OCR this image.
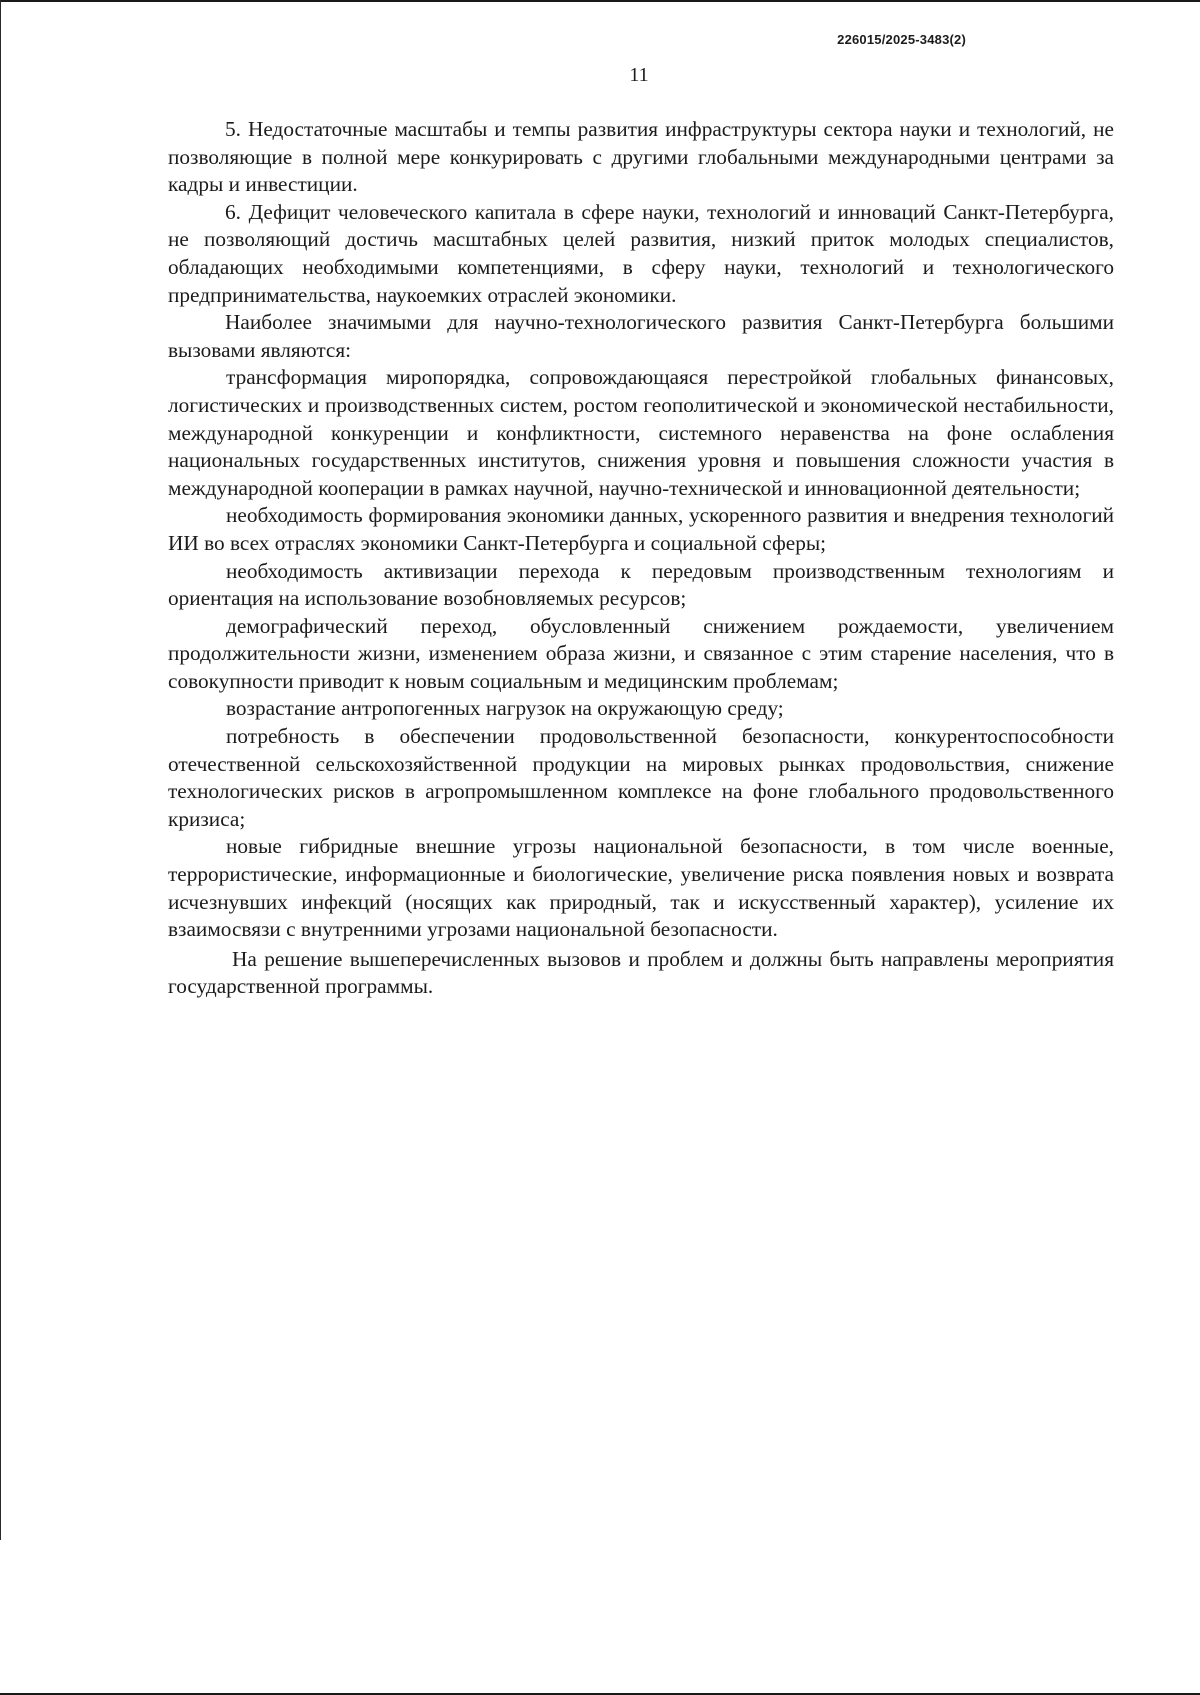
226015/2025-3483(2)
11

5. Недостаточные масштабы и темпы развития инфраструктуры сектора науки и технологий, не позволяющие в полной мере конкурировать с другими глобальными международными центрами за кадры и инвестиции.

6. Дефицит человеческого капитала в сфере науки, технологий и инноваций Санкт-Петербурга, не позволяющий достичь масштабных целей развития, низкий приток молодых специалистов, обладающих необходимыми компетенциями, в сферу науки, технологий и технологического предпринимательства, наукоемких отраслей экономики.

Наиболее значимыми для научно-технологического развития Санкт-Петербурга большими вызовами являются:

трансформация миропорядка, сопровождающаяся перестройкой глобальных финансовых, логистических и производственных систем, ростом геополитической и экономической нестабильности, международной конкуренции и конфликтности, системного неравенства на фоне ослабления национальных государственных институтов, снижения уровня и повышения сложности участия в международной кооперации в рамках научной, научно-технической и инновационной деятельности;

необходимость формирования экономики данных, ускоренного развития и внедрения технологий ИИ во всех отраслях экономики Санкт-Петербурга и социальной сферы;

необходимость активизации перехода к передовым производственным технологиям и ориентация на использование возобновляемых ресурсов;

демографический переход, обусловленный снижением рождаемости, увеличением продолжительности жизни, изменением образа жизни, и связанное с этим старение населения, что в совокупности приводит к новым социальным и медицинским проблемам;

возрастание антропогенных нагрузок на окружающую среду;

потребность в обеспечении продовольственной безопасности, конкурентоспособности отечественной сельскохозяйственной продукции на мировых рынках продовольствия, снижение технологических рисков в агропромышленном комплексе на фоне глобального продовольственного кризиса;

новые гибридные внешние угрозы национальной безопасности, в том числе военные, террористические, информационные и биологические, увеличение риска появления новых и возврата исчезнувших инфекций (носящих как природный, так и искусственный характер), усиление их взаимосвязи с внутренними угрозами национальной безопасности.

На решение вышеперечисленных вызовов и проблем и должны быть направлены мероприятия государственной программы.
